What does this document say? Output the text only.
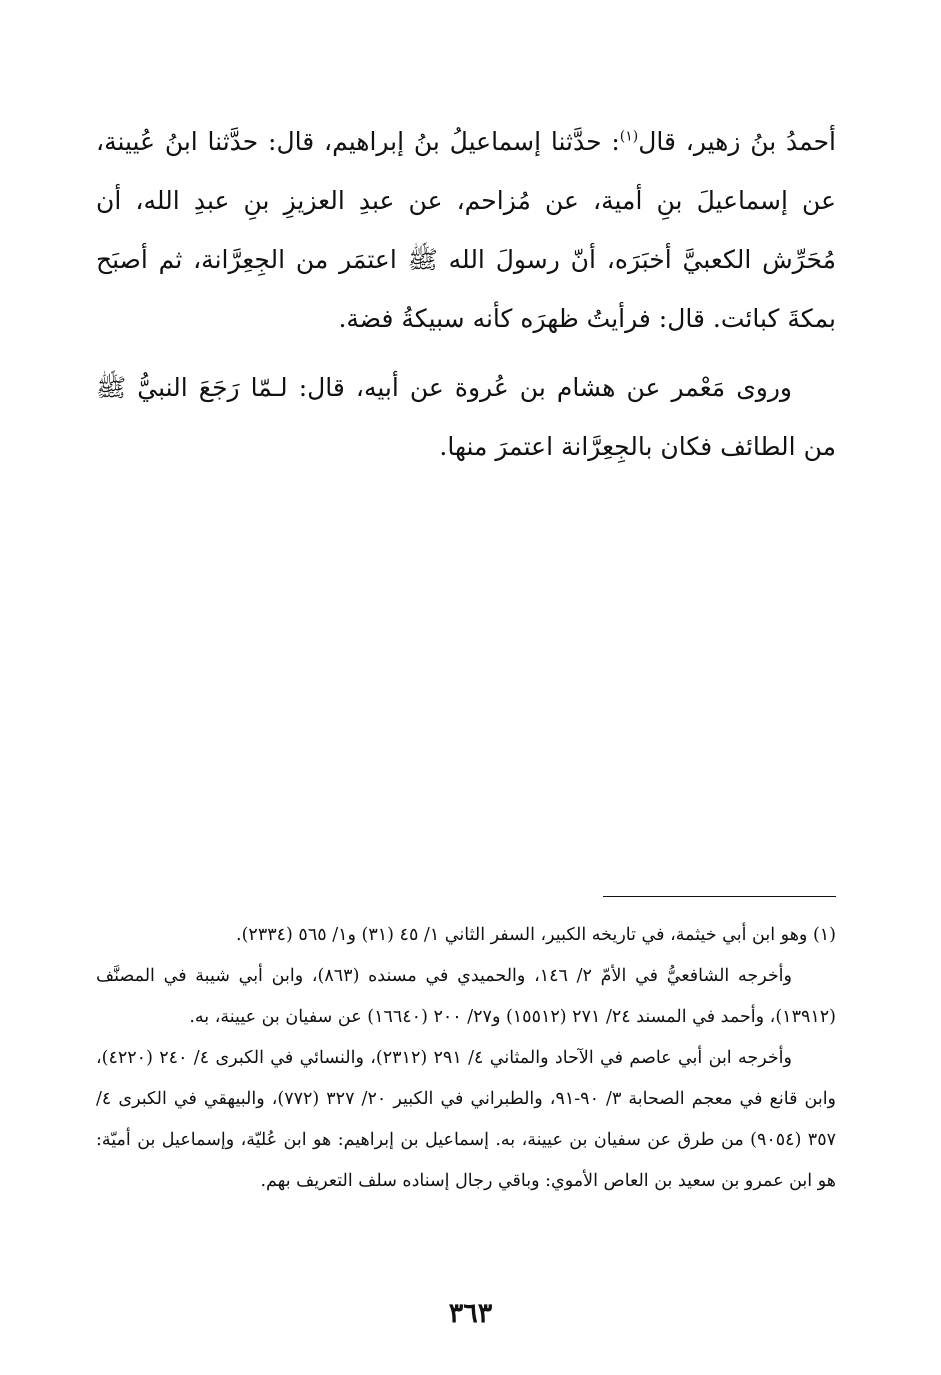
أحمدُ بنُ زهير، قال$^{(١)}$: حدَّثنا إسماعيلُ بنُ إبراهيم، قال: حدَّثنا ابنُ عُيينة، عن إسماعيلَ بنِ أمية، عن مُزاحم، عن عبدِ العزيزِ بنِ عبدِ الله، أن مُحَرِّش الكعبيَّ أخبَرَه، أنّ رسولَ الله ﷺ اعتمَر من الجِعِرَّانة، ثم أصبَح بمكةَ كبائت. قال: فرأيتُ ظهرَه كأنه سبيكةُ فضة.

وروى مَعْمر عن هشام بن عُروة عن أبيه، قال: لـمّا رَجَعَ النبيُّ ﷺ من الطائف فكان بالجِعِرَّانة اعتمرَ منها.

(١) وهو ابن أبي خيثمة، في تاريخه الكبير، السفر الثاني ١/ ٤٥ (٣١) و١/ ٥٦٥ (٢٣٣٤).

وأخرجه الشافعيُّ في الأمّ ٢/ ١٤٦، والحميدي في مسنده (٨٦٣)، وابن أبي شيبة في المصنَّف (١٣٩١٢)، وأحمد في المسند ٢٤/ ٢٧١ (١٥٥١٢) و٢٧/ ٢٠٠ (١٦٦٤٠) عن سفيان بن عيينة، به.

وأخرجه ابن أبي عاصم في الآحاد والمثاني ٤/ ٢٩١ (٢٣١٢)، والنسائي في الكبرى ٤/ ٢٤٠ (٤٢٢٠)، وابن قانع في معجم الصحابة ٣/ ٩٠-٩١، والطبراني في الكبير ٢٠/ ٣٢٧ (٧٧٢)، والبيهقي في الكبرى ٤/ ٣٥٧ (٩٠٥٤) من طرق عن سفيان بن عيينة، به. إسماعيل بن إبراهيم: هو ابن عُليّة، وإسماعيل بن أميّة: هو ابن عمرو بن سعيد بن العاص الأموي: وباقي رجال إسناده سلف التعريف بهم.

٣٦٣
